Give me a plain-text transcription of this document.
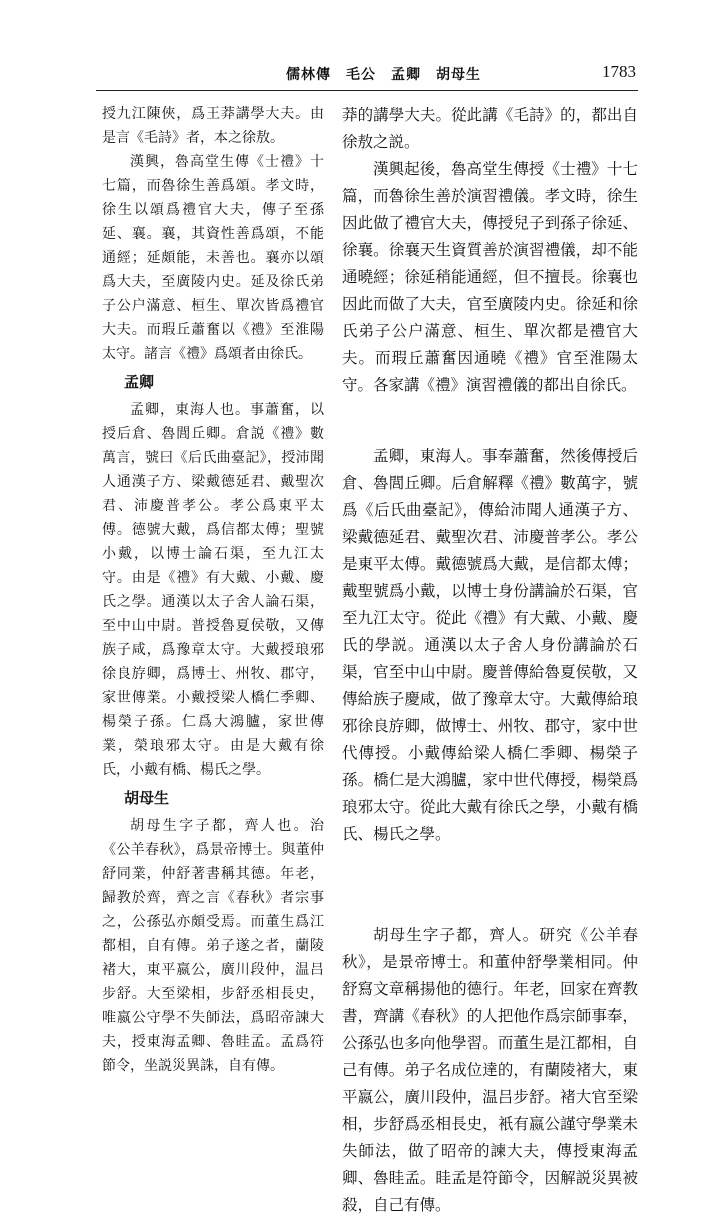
儒林傳　毛公　孟卿　胡母生	1783

授九江陳俠，爲王莽講學大夫。由是言《毛詩》者，本之徐敖。

漢興，魯高堂生傳《士禮》十七篇，而魯徐生善爲頌。孝文時，徐生以頌爲禮官大夫，傳子至孫延、襄。襄，其資性善爲頌，不能通經；延頗能，未善也。襄亦以頌爲大夫，至廣陵内史。延及徐氏弟子公户滿意、桓生、單次皆爲禮官大夫。而瑕丘蕭奮以《禮》至淮陽太守。諸言《禮》爲頌者由徐氏。

孟卿

孟卿，東海人也。事蕭奮，以授后倉、魯閭丘卿。倉説《禮》數萬言，號曰《后氏曲臺記》，授沛聞人通漢子方、梁戴德延君、戴聖次君、沛慶普孝公。孝公爲東平太傅。德號大戴，爲信都太傅；聖號小戴，以博士論石渠，至九江太守。由是《禮》有大戴、小戴、慶氏之學。通漢以太子舍人論石渠，至中山中尉。普授魯夏侯敬，又傳族子咸，爲豫章太守。大戴授琅邪徐良斿卿，爲博士、州牧、郡守，家世傳業。小戴授梁人橋仁季卿、楊榮子孫。仁爲大鴻臚，家世傳業，榮琅邪太守。由是大戴有徐氏，小戴有橋、楊氏之學。

胡母生

胡母生字子都，齊人也。治《公羊春秋》，爲景帝博士。與董仲舒同業，仲舒著書稱其德。年老，歸教於齊，齊之言《春秋》者宗事之，公孫弘亦頗受焉。而董生爲江都相，自有傳。弟子遂之者，蘭陵褚大，東平嬴公，廣川段仲，温吕步舒。大至梁相，步舒丞相長史，唯嬴公守學不失師法，爲昭帝諫大夫，授東海孟卿、魯眭孟。孟爲符節令，坐説災異誅，自有傳。

莽的講學大夫。從此講《毛詩》的，都出自徐敖之説。

漢興起後，魯高堂生傳授《士禮》十七篇，而魯徐生善於演習禮儀。孝文時，徐生因此做了禮官大夫，傳授兒子到孫子徐延、徐襄。徐襄天生資質善於演習禮儀，却不能通曉經；徐延稍能通經，但不擅長。徐襄也因此而做了大夫，官至廣陵内史。徐延和徐氏弟子公户滿意、桓生、單次都是禮官大夫。而瑕丘蕭奮因通曉《禮》官至淮陽太守。各家講《禮》演習禮儀的都出自徐氏。

孟卿，東海人。事奉蕭奮，然後傳授后倉、魯閭丘卿。后倉解釋《禮》數萬字，號爲《后氏曲臺記》，傳給沛聞人通漢子方、梁戴德延君、戴聖次君、沛慶普孝公。孝公是東平太傅。戴德號爲大戴，是信都太傅；戴聖號爲小戴，以博士身份講論於石渠，官至九江太守。從此《禮》有大戴、小戴、慶氏的學説。通漢以太子舍人身份講論於石渠，官至中山中尉。慶普傳給魯夏侯敬，又傳給族子慶咸，做了豫章太守。大戴傳給琅邪徐良斿卿，做博士、州牧、郡守，家中世代傳授。小戴傳給梁人橋仁季卿、楊榮子孫。橋仁是大鴻臚，家中世代傳授，楊榮爲琅邪太守。從此大戴有徐氏之學，小戴有橋氏、楊氏之學。

胡母生字子都，齊人。研究《公羊春秋》，是景帝博士。和董仲舒學業相同。仲舒寫文章稱揚他的德行。年老，回家在齊教書，齊講《春秋》的人把他作爲宗師事奉，公孫弘也多向他學習。而董生是江都相，自己有傳。弟子名成位達的，有蘭陵褚大，東平嬴公，廣川段仲，温吕步舒。褚大官至梁相，步舒爲丞相長史，衹有嬴公謹守學業未失師法，做了昭帝的諫大夫，傳授東海孟卿、魯眭孟。眭孟是符節令，因解説災異被殺，自己有傳。
